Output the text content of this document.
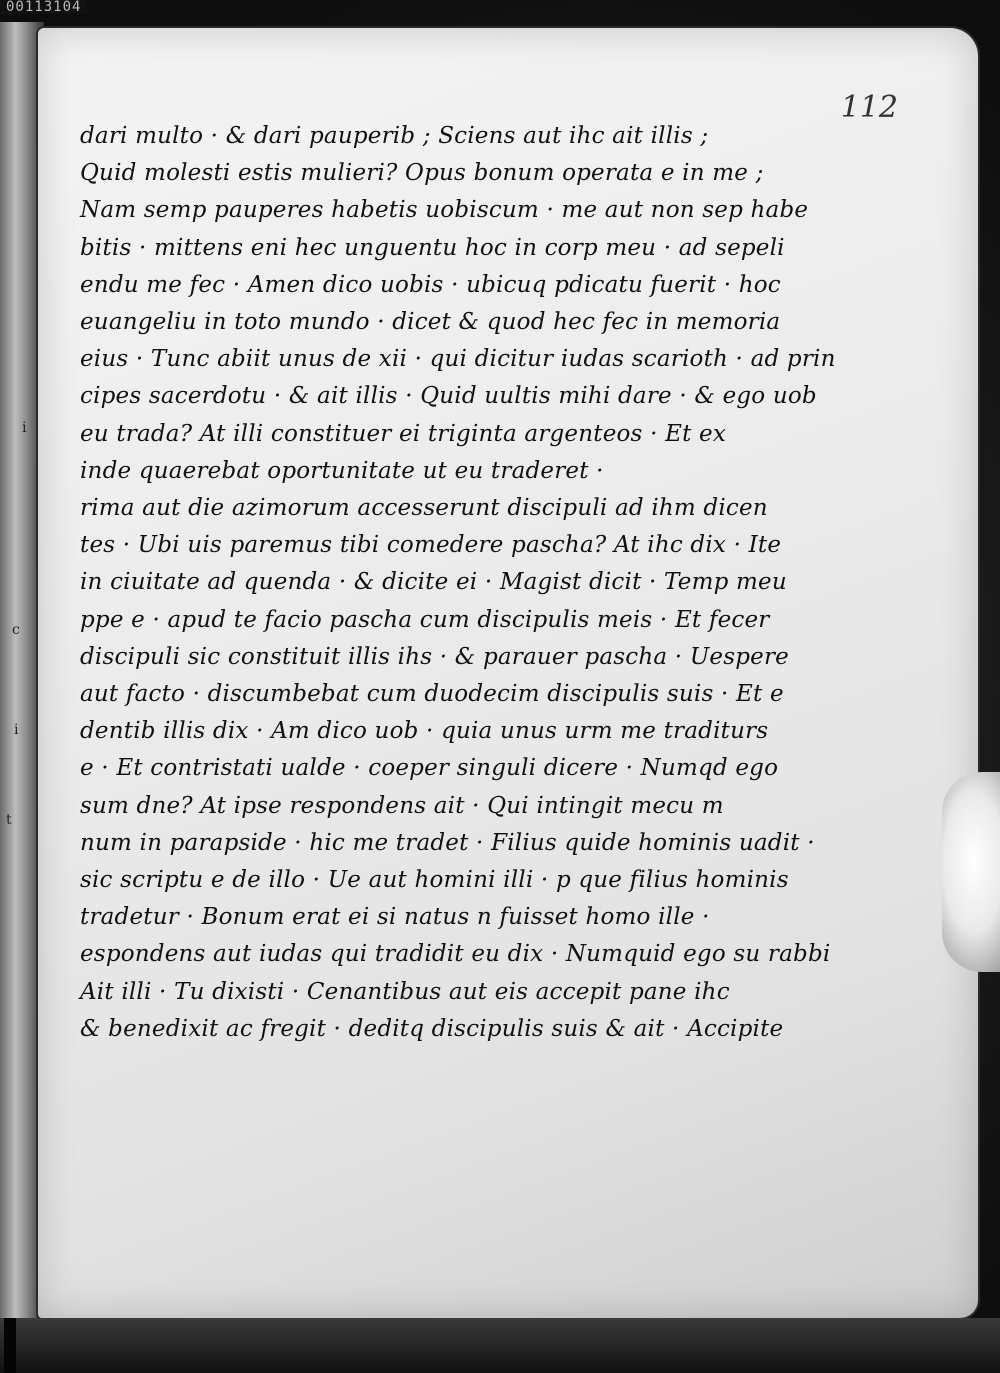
00113104
i
c
i
t
112
dari multo · & dari pauperib ; Sciens aut ihc ait illis ;
Quid molesti estis mulieri? Opus bonum operata e in me ;
Nam semp pauperes habetis uobiscum · me aut non sep habe
bitis · mittens eni hec unguentu hoc in corp meu · ad sepeli
endu me fec · Amen dico uobis · ubicuq pdicatu fuerit · hoc
euangeliu in toto mundo · dicet & quod hec fec in memoria
eius · Tunc abiit unus de xii · qui dicitur iudas scarioth · ad prin
cipes sacerdotu · & ait illis · Quid uultis mihi dare · & ego uob
eu trada? At illi constituer ei triginta argenteos · Et ex
inde quaerebat oportunitate ut eu traderet ·
rima aut die azimorum accesserunt discipuli ad ihm dicen
tes · Ubi uis paremus tibi comedere pascha? At ihc dix · Ite
in ciuitate ad quenda · & dicite ei · Magist dicit · Temp meu
ppe e · apud te facio pascha cum discipulis meis · Et fecer
discipuli sic constituit illis ihs · & parauer pascha · Uespere
aut facto · discumbebat cum duodecim discipulis suis · Et e
dentib illis dix · Am dico uob · quia unus urm me traditurs
e · Et contristati ualde · coeper singuli dicere · Numqd ego
sum dne? At ipse respondens ait · Qui intingit mecu m
num in parapside · hic me tradet · Filius quide hominis uadit ·
sic scriptu e de illo · Ue aut homini illi · p que filius hominis
tradetur · Bonum erat ei si natus n fuisset homo ille ·
espondens aut iudas qui tradidit eu dix · Numquid ego su rabbi
Ait illi · Tu dixisti · Cenantibus aut eis accepit pane ihc
& benedixit ac fregit · deditq discipulis suis & ait · Accipite
